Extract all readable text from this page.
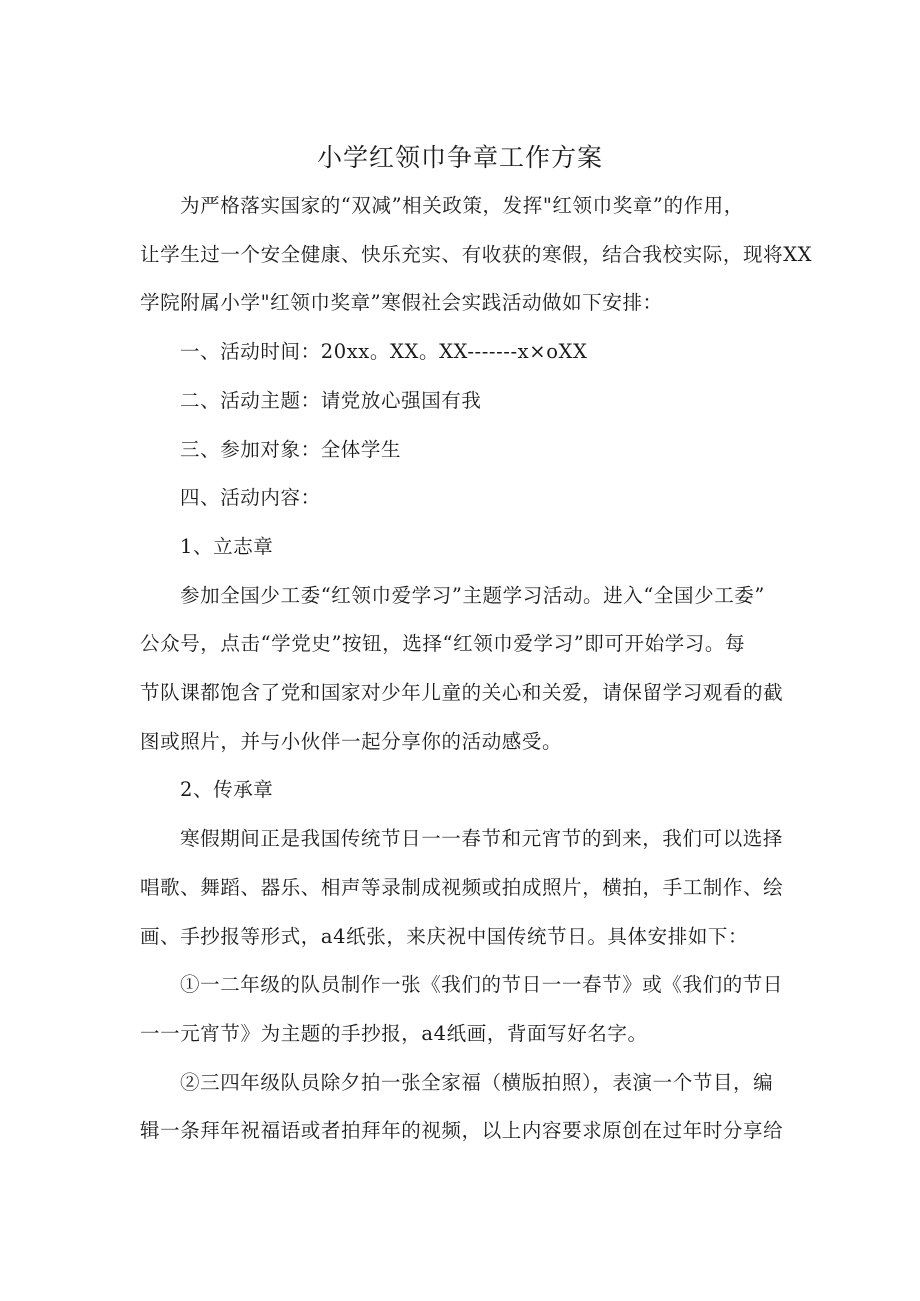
小学红领巾争章工作方案

为严格落实国家的“双减”相关政策，发挥"红领巾奖章”的作用，
让学生过一个安全健康、快乐充实、有收获的寒假，结合我校实际，现将XX
学院附属小学"红领巾奖章”寒假社会实践活动做如下安排：

一、活动时间：20xx。XX。XX-------x×oXX

二、活动主题：请党放心强国有我

三、参加对象：全体学生

四、活动内容：

1、立志章

参加全国少工委“红领巾爱学习”主题学习活动。进入“全国少工委”
公众号，点击“学党史”按钮，选择“红领巾爱学习”即可开始学习。每
节队课都饱含了党和国家对少年儿童的关心和关爱，请保留学习观看的截
图或照片，并与小伙伴一起分享你的活动感受。

2、传承章

寒假期间正是我国传统节日一一春节和元宵节的到来，我们可以选择
唱歌、舞蹈、器乐、相声等录制成视频或拍成照片，横拍，手工制作、绘
画、手抄报等形式，a4纸张，来庆祝中国传统节日。具体安排如下：

①一二年级的队员制作一张《我们的节日一一春节》或《我们的节日
一一元宵节》为主题的手抄报，a4纸画，背面写好名字。

②三四年级队员除夕拍一张全家福（横版拍照），表演一个节目，编
辑一条拜年祝福语或者拍拜年的视频，以上内容要求原创在过年时分享给
